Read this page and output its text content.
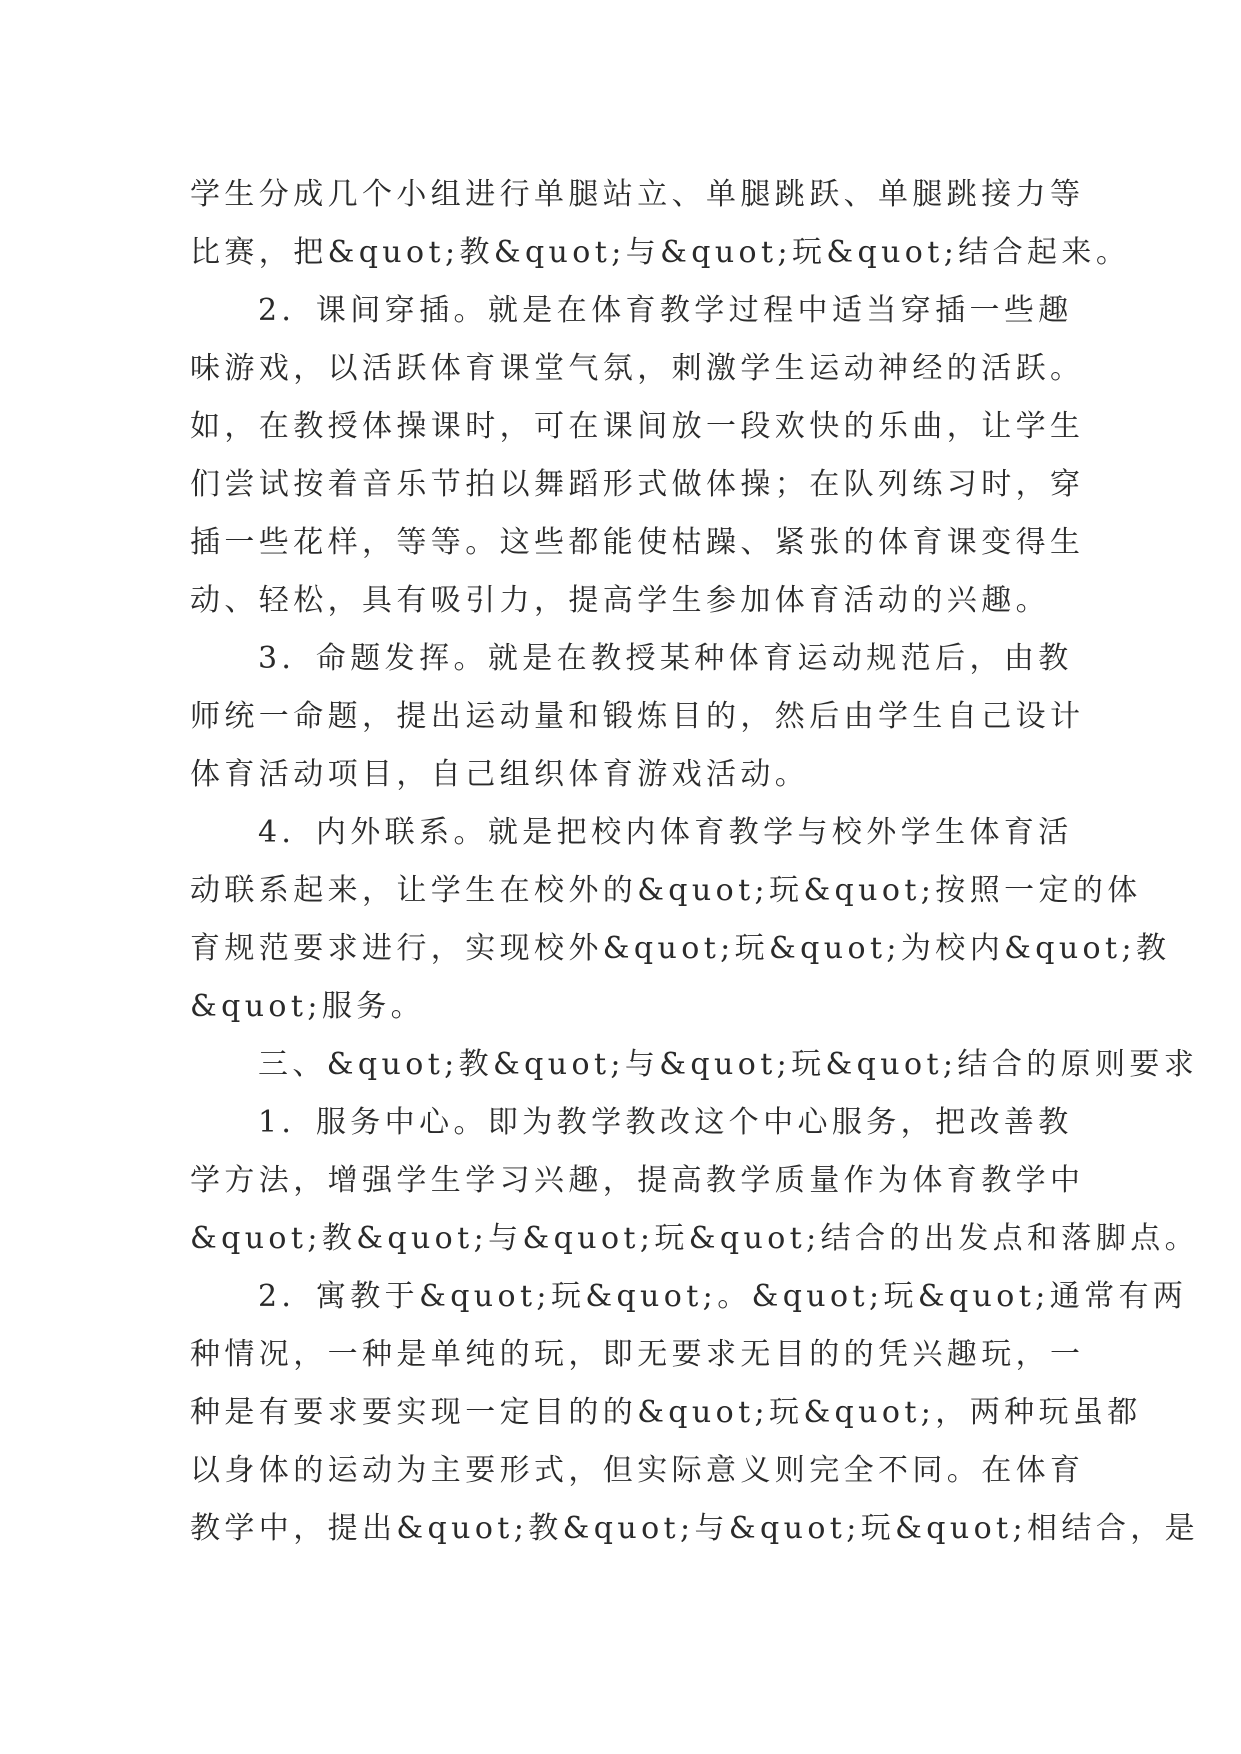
学生分成几个小组进行单腿站立、单腿跳跃、单腿跳接力等
比赛，把&quot;教&quot;与&quot;玩&quot;结合起来。
2．课间穿插。就是在体育教学过程中适当穿插一些趣
味游戏，以活跃体育课堂气氛，刺激学生运动神经的活跃。
如，在教授体操课时，可在课间放一段欢快的乐曲，让学生
们尝试按着音乐节拍以舞蹈形式做体操；在队列练习时，穿
插一些花样，等等。这些都能使枯躁、紧张的体育课变得生
动、轻松，具有吸引力，提高学生参加体育活动的兴趣。
3．命题发挥。就是在教授某种体育运动规范后，由教
师统一命题，提出运动量和锻炼目的，然后由学生自己设计
体育活动项目，自己组织体育游戏活动。
4．内外联系。就是把校内体育教学与校外学生体育活
动联系起来，让学生在校外的&quot;玩&quot;按照一定的体
育规范要求进行，实现校外&quot;玩&quot;为校内&quot;教
&quot;服务。
三、&quot;教&quot;与&quot;玩&quot;结合的原则要求
1．服务中心。即为教学教改这个中心服务，把改善教
学方法，增强学生学习兴趣，提高教学质量作为体育教学中
&quot;教&quot;与&quot;玩&quot;结合的出发点和落脚点。
2．寓教于&quot;玩&quot;。&quot;玩&quot;通常有两
种情况，一种是单纯的玩，即无要求无目的的凭兴趣玩，一
种是有要求要实现一定目的的&quot;玩&quot;，两种玩虽都
以身体的运动为主要形式，但实际意义则完全不同。在体育
教学中，提出&quot;教&quot;与&quot;玩&quot;相结合，是
